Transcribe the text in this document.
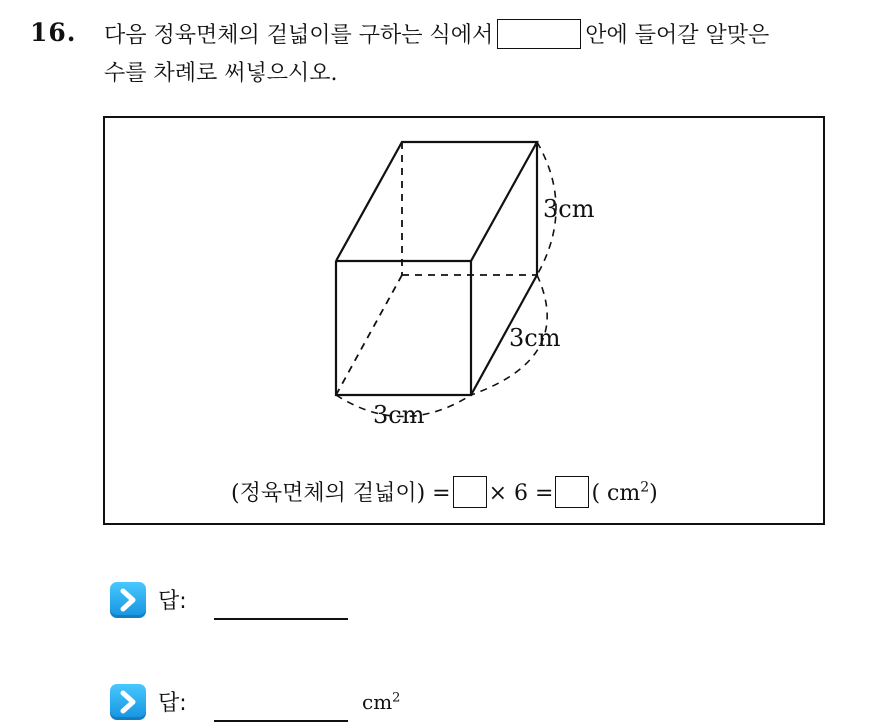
16. 다음 정육면체의 겉넓이를 구하는 식에서	안에 들어갈 알맞은
수를 차례로 써넣으시오.
3cm
3cm
3cm
(정육면체의 겉넓이) = × 6 = ( $cm^2$)
답:
답:	$cm^2$
